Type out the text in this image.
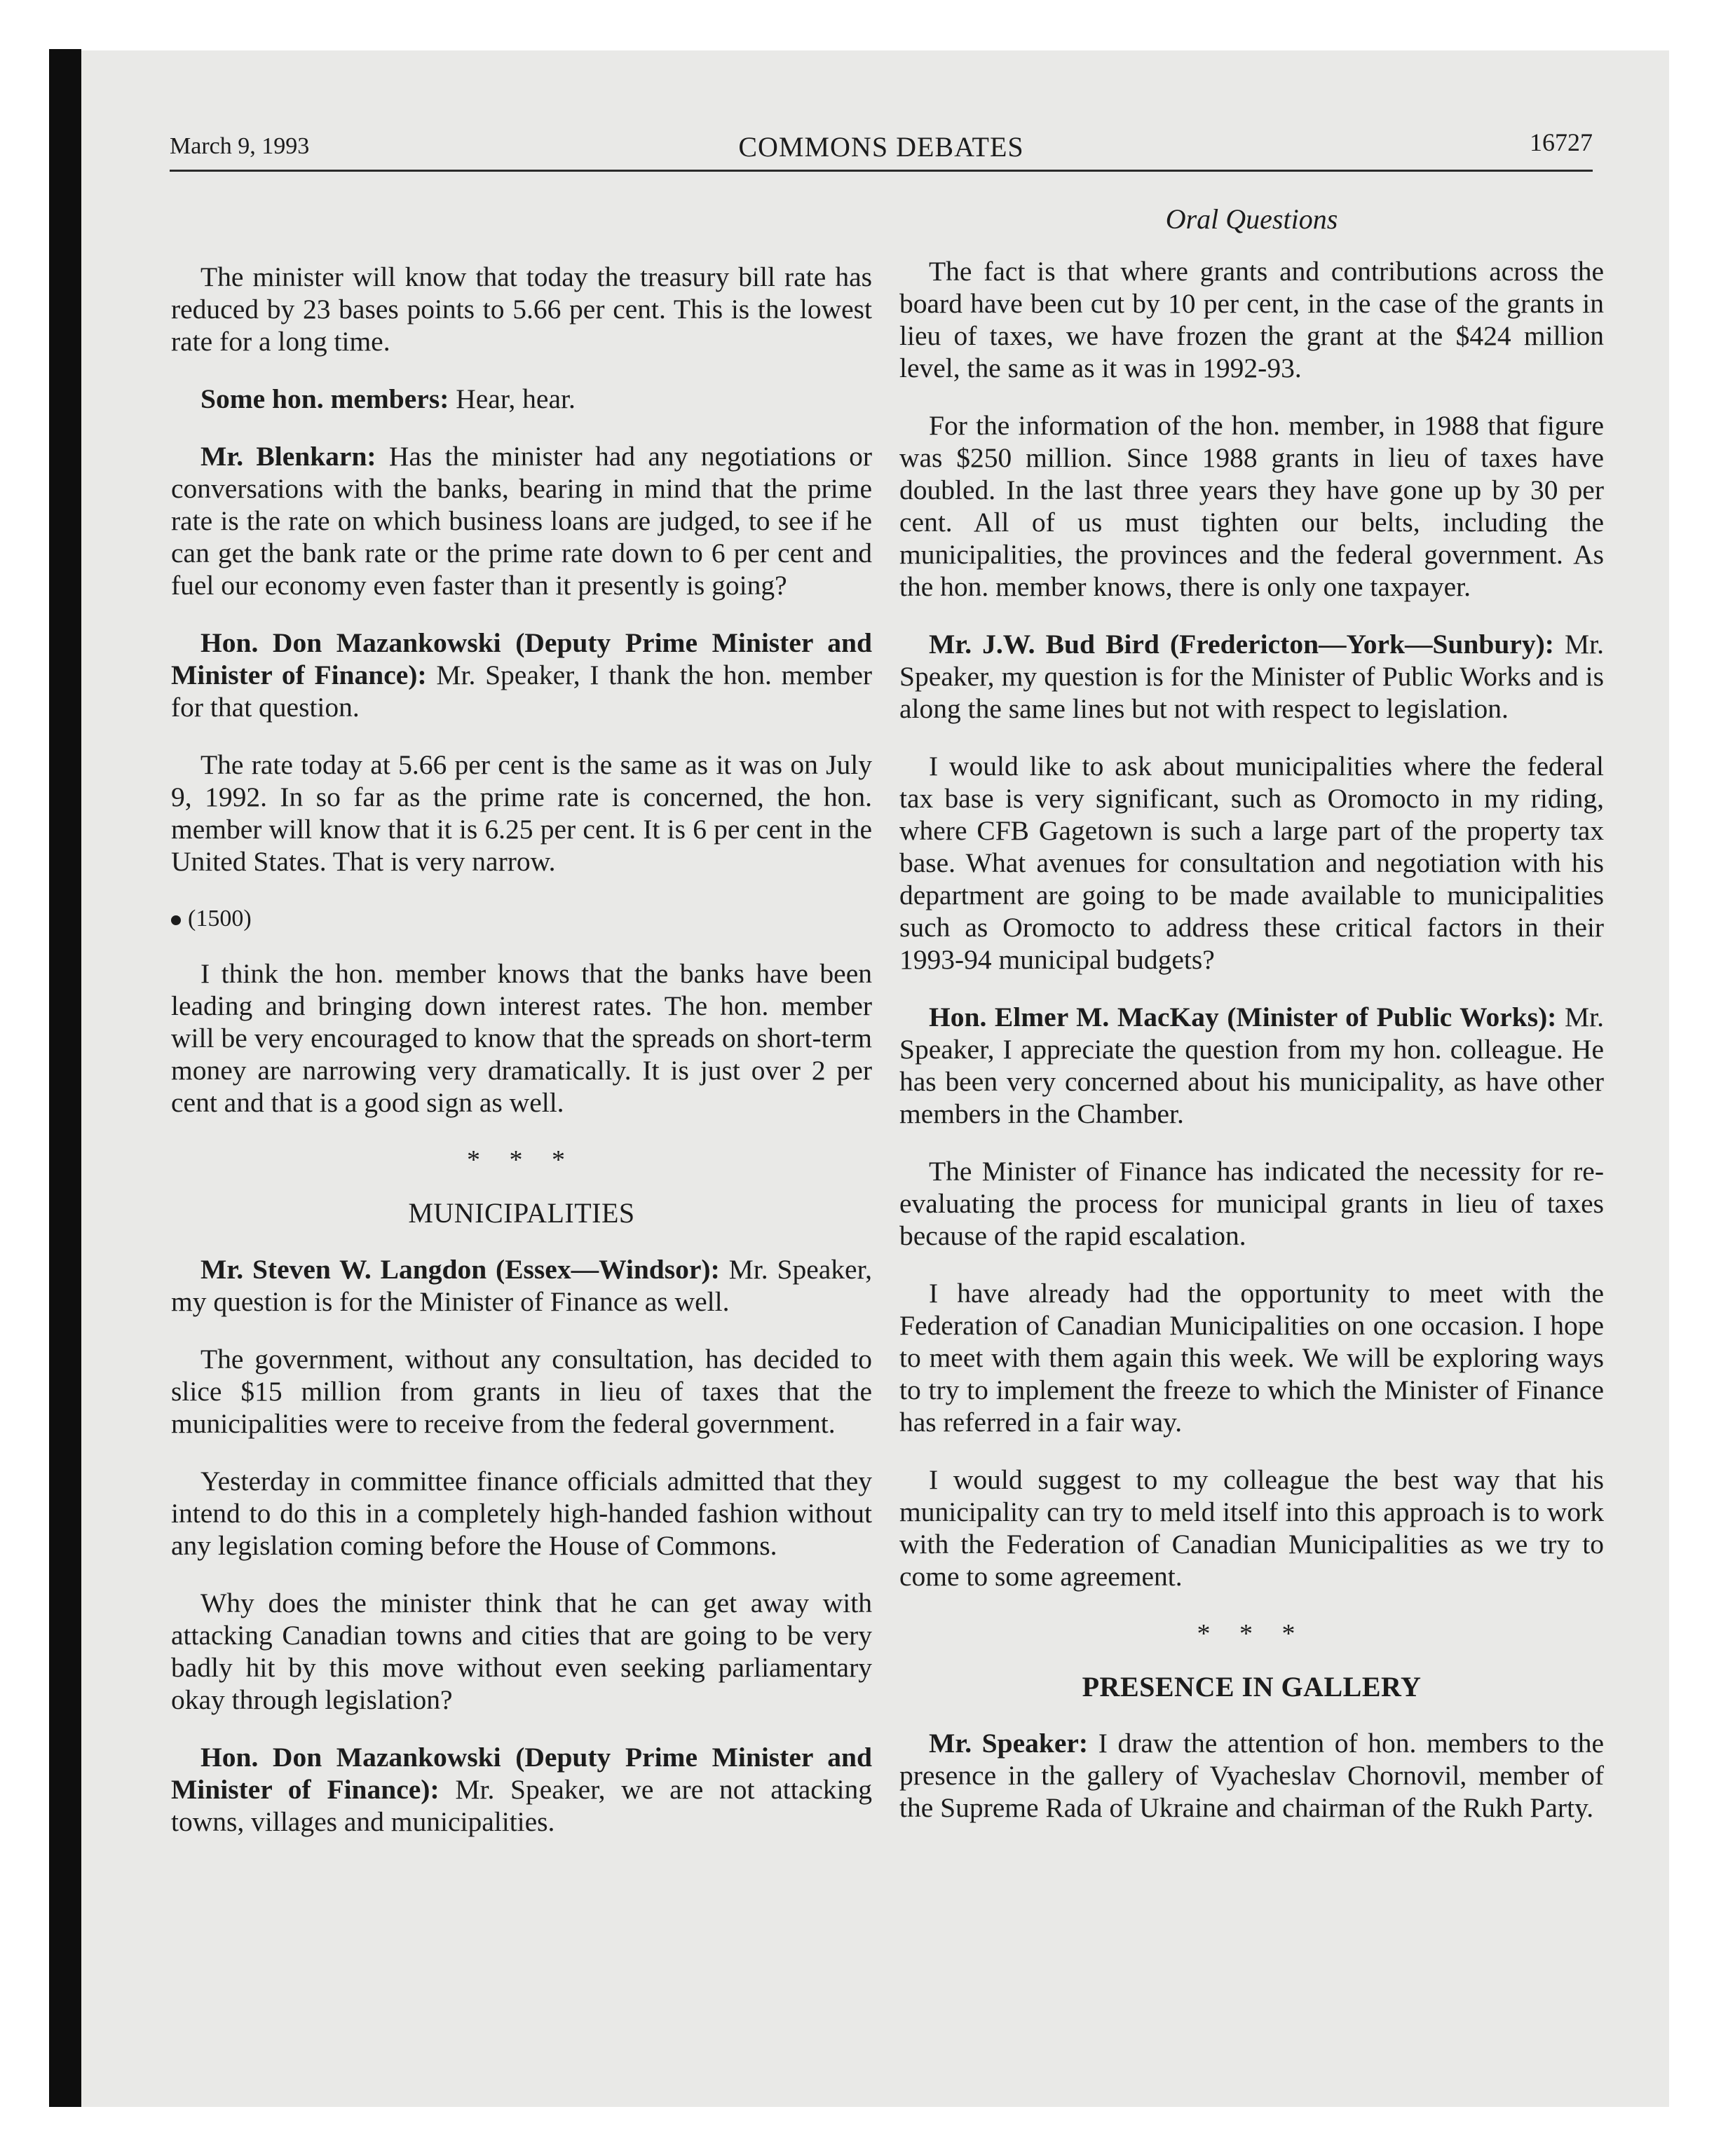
March 9, 1993	COMMONS DEBATES	16727

The minister will know that today the treasury bill rate has reduced by 23 bases points to 5.66 per cent. This is the lowest rate for a long time.

Some hon. members: Hear, hear.

Mr. Blenkarn: Has the minister had any negotiations or conversations with the banks, bearing in mind that the prime rate is the rate on which business loans are judged, to see if he can get the bank rate or the prime rate down to 6 per cent and fuel our economy even faster than it presently is going?

Hon. Don Mazankowski (Deputy Prime Minister and Minister of Finance): Mr. Speaker, I thank the hon. member for that question.

The rate today at 5.66 per cent is the same as it was on July 9, 1992. In so far as the prime rate is concerned, the hon. member will know that it is 6.25 per cent. It is 6 per cent in the United States. That is very narrow.

(1500)

I think the hon. member knows that the banks have been leading and bringing down interest rates. The hon. member will be very encouraged to know that the spreads on short-term money are narrowing very dramatically. It is just over 2 per cent and that is a good sign as well.

* * *
MUNICIPALITIES

Mr. Steven W. Langdon (Essex—Windsor): Mr. Speaker, my question is for the Minister of Finance as well.

The government, without any consultation, has decided to slice $15 million from grants in lieu of taxes that the municipalities were to receive from the federal government.

Yesterday in committee finance officials admitted that they intend to do this in a completely high-handed fashion without any legislation coming before the House of Commons.

Why does the minister think that he can get away with attacking Canadian towns and cities that are going to be very badly hit by this move without even seeking parliamentary okay through legislation?

Hon. Don Mazankowski (Deputy Prime Minister and Minister of Finance): Mr. Speaker, we are not attacking towns, villages and municipalities.

Oral Questions

The fact is that where grants and contributions across the board have been cut by 10 per cent, in the case of the grants in lieu of taxes, we have frozen the grant at the $424 million level, the same as it was in 1992-93.

For the information of the hon. member, in 1988 that figure was $250 million. Since 1988 grants in lieu of taxes have doubled. In the last three years they have gone up by 30 per cent. All of us must tighten our belts, including the municipalities, the provinces and the federal government. As the hon. member knows, there is only one taxpayer.

Mr. J.W. Bud Bird (Fredericton—York—Sunbury): Mr. Speaker, my question is for the Minister of Public Works and is along the same lines but not with respect to legislation.

I would like to ask about municipalities where the federal tax base is very significant, such as Oromocto in my riding, where CFB Gagetown is such a large part of the property tax base. What avenues for consultation and negotiation with his department are going to be made available to municipalities such as Oromocto to address these critical factors in their 1993-94 municipal budgets?

Hon. Elmer M. MacKay (Minister of Public Works): Mr. Speaker, I appreciate the question from my hon. colleague. He has been very concerned about his municipality, as have other members in the Chamber.

The Minister of Finance has indicated the necessity for re-evaluating the process for municipal grants in lieu of taxes because of the rapid escalation.

I have already had the opportunity to meet with the Federation of Canadian Municipalities on one occasion. I hope to meet with them again this week. We will be exploring ways to try to implement the freeze to which the Minister of Finance has referred in a fair way.

I would suggest to my colleague the best way that his municipality can try to meld itself into this approach is to work with the Federation of Canadian Municipalities as we try to come to some agreement.

* * *
PRESENCE IN GALLERY

Mr. Speaker: I draw the attention of hon. members to the presence in the gallery of Vyacheslav Chornovil, member of the Supreme Rada of Ukraine and chairman of the Rukh Party.
